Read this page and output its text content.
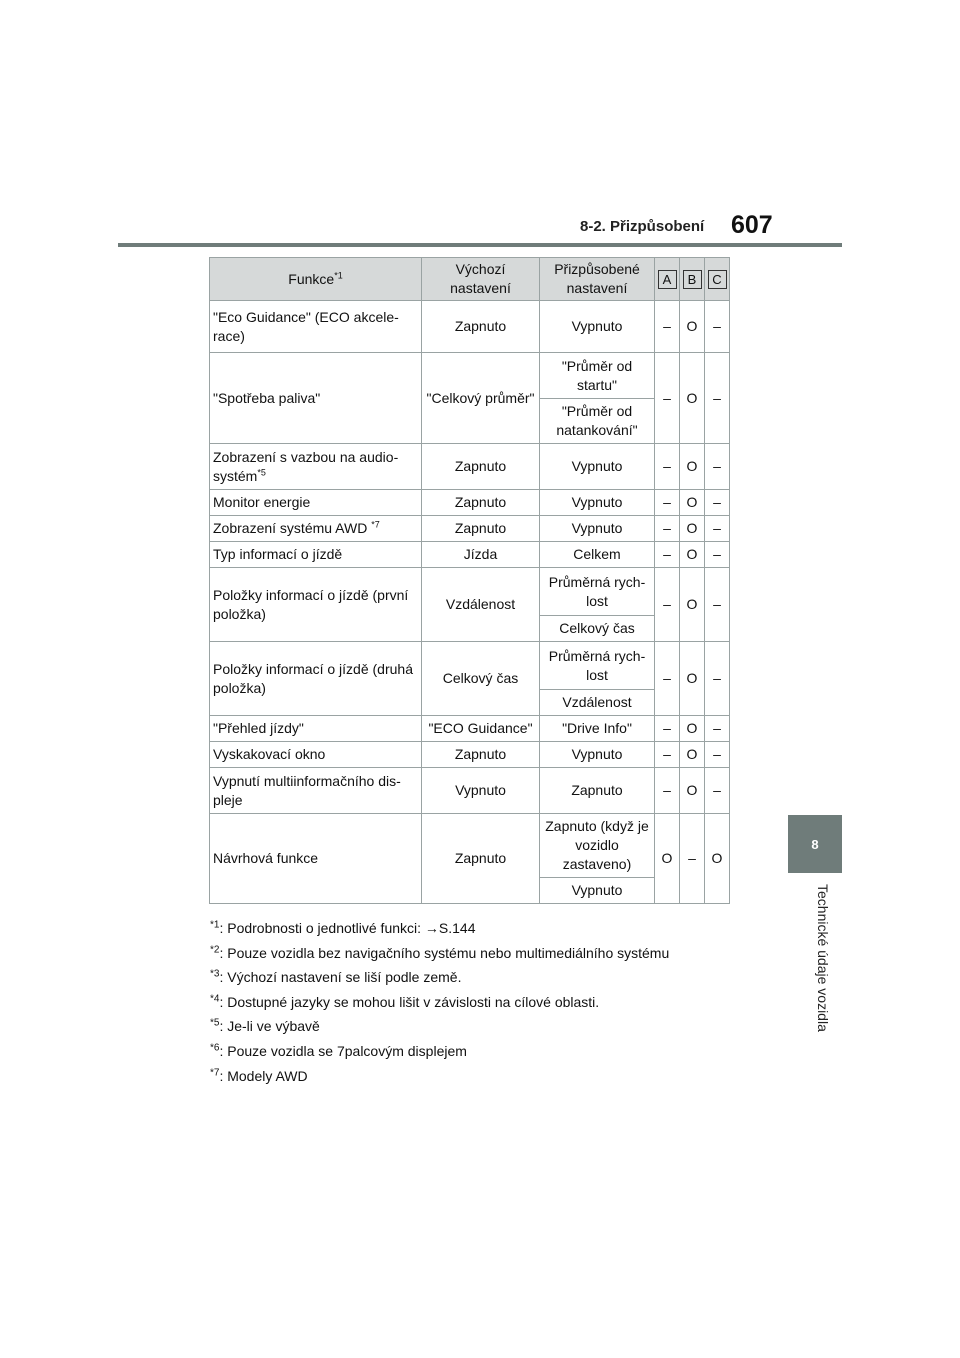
8-2. Přizpůsobení 607
8
Technické údaje vozidla
Funkce$^{*1}$	Výchozí nastavení	Přizpůsobené nastavení	A	B	C
"Eco Guidance" (ECO akcele-race)	Zapnuto	Vypnuto	–	O	–
"Spotřeba paliva"	"Celkový průměr"	"Průměr od startu"	–	O	–
		"Průměr od natankování"			
Zobrazení s vazbou na audio-systém$^{*5}$	Zapnuto	Vypnuto	–	O	–
Monitor energie	Zapnuto	Vypnuto	–	O	–
Zobrazení systému AWD $^{*7}$	Zapnuto	Vypnuto	–	O	–
Typ informací o jízdě	Jízda	Celkem	–	O	–
Položky informací o jízdě (první položka)	Vzdálenost	Průměrná rych-lost	–	O	–
		Celkový čas			
Položky informací o jízdě (druhá položka)	Celkový čas	Průměrná rych-lost	–	O	–
		Vzdálenost			
"Přehled jízdy"	"ECO Guidance"	"Drive Info"	–	O	–
Vyskakovací okno	Zapnuto	Vypnuto	–	O	–
Vypnutí multiinformačního dis-pleje	Vypnuto	Zapnuto	–	O	–
Návrhová funkce	Zapnuto	Zapnuto (když je vozidlo zastaveno)	O	–	O
		Vypnuto			
$^{*1}$: Podrobnosti o jednotlivé funkci: →S.144
$^{*2}$: Pouze vozidla bez navigačního systému nebo multimediálního systému
$^{*3}$: Výchozí nastavení se liší podle země.
$^{*4}$: Dostupné jazyky se mohou lišit v závislosti na cílové oblasti.
$^{*5}$: Je-li ve výbavě
$^{*6}$: Pouze vozidla se 7palcovým displejem
$^{*7}$: Modely AWD
